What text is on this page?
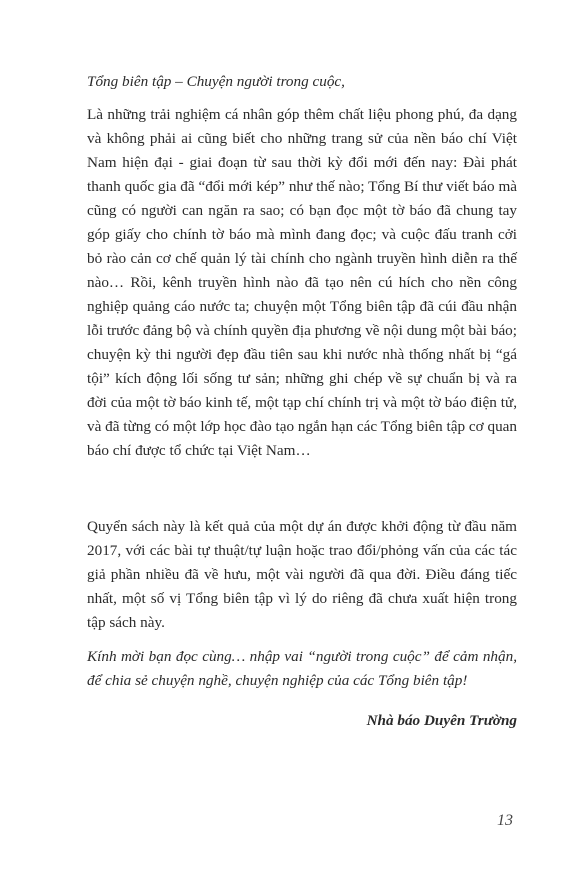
Tổng biên tập – Chuyện người trong cuộc,

Là những trải nghiệm cá nhân góp thêm chất liệu phong phú, đa dạng và không phải ai cũng biết cho những trang sử của nền báo chí Việt Nam hiện đại - giai đoạn từ sau thời kỳ đổi mới đến nay: Đài phát thanh quốc gia đã “đổi mới kép” như thế nào; Tổng Bí thư viết báo mà cũng có người can ngăn ra sao; có bạn đọc một tờ báo đã chung tay góp giấy cho chính tờ báo mà mình đang đọc; và cuộc đấu tranh cởi bỏ rào cản cơ chế quản lý tài chính cho ngành truyền hình diễn ra thế nào… Rồi, kênh truyền hình nào đã tạo nên cú hích cho nền công nghiệp quảng cáo nước ta; chuyện một Tổng biên tập đã cúi đầu nhận lỗi trước đảng bộ và chính quyền địa phương về nội dung một bài báo; chuyện kỳ thi người đẹp đầu tiên sau khi nước nhà thống nhất bị “gá tội” kích động lối sống tư sản; những ghi chép về sự chuẩn bị và ra đời của một tờ báo kinh tế, một tạp chí chính trị và một tờ báo điện tử, và đã từng có một lớp học đào tạo ngắn hạn các Tổng biên tập cơ quan báo chí được tổ chức tại Việt Nam…

Quyển sách này là kết quả của một dự án được khởi động từ đầu năm 2017, với các bài tự thuật/tự luận hoặc trao đổi/phỏng vấn của các tác giả phần nhiều đã về hưu, một vài người đã qua đời. Điều đáng tiếc nhất, một số vị Tổng biên tập vì lý do riêng đã chưa xuất hiện trong tập sách này.

Kính mời bạn đọc cùng… nhập vai “người trong cuộc” để cảm nhận, để chia sẻ chuyện nghề, chuyện nghiệp của các Tổng biên tập!

Nhà báo Duyên Trường

13
